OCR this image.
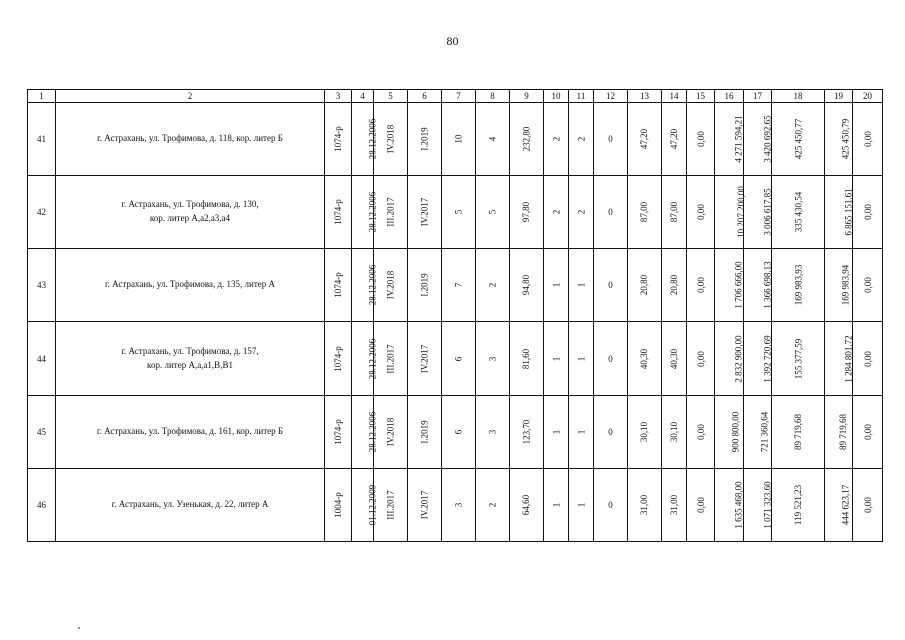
80
1	2	3	4	5	6	7	8	9	10	11	12	13	14	15	16	17	18	19	20
41	г. Астрахань, ул. Трофимова, д. 118, кор. литер Б	1074-р	28.12.2006	IV.2018	I.2019	10	4	232,80	2	2	0	47,20	47,20	0,00	4 271 594,21	3 420 692,65	425 450,77	425 450,79	0,00
42	г. Астрахань, ул. Трофимова, д. 130,
кор. литер А,а2,а3,а4	1074-р	28.12.2006	III.2017	IV.2017	5	5	97,80	2	2	0	87,00	87,00	0,00	10 207 200,00	3 006 617,85	335 430,54	6 865 151,61	0,00
43	г. Астрахань, ул. Трофимова, д. 135, литер А	1074-р	28.12.2006	IV.2018	I.2019	7	2	94,80	1	1	0	20,80	20,80	0,00	1 706 666,00	1 366 698,13	169 983,93	169 983,94	0,00
44	г. Астрахань, ул. Трофимова, д. 157,
кор. литер А,а,а1,В,В1	1074-р	28.12.2006	III.2017	IV.2017	6	3	81,60	1	1	0	40,30	40,30	0,00	2 832 900,00	1 392 720,69	155 377,59	1 284 801,72	0,00
45	г. Астрахань, ул. Трофимова, д. 161, кор. литер Б	1074-р	28.12.2006	IV.2018	I.2019	6	3	123,70	1	1	0	30,10	30,10	0,00	900 800,00	721 360,64	89 719,68	89 719,68	0,00
46	г. Астрахань, ул. Узенькая, д. 22, литер А	1004-р	01.12.2009	III.2017	IV.2017	3	2	64,60	1	1	0	31,00	31,00	0,00	1 635 468,00	1 071 323,60	119 521,23	444 623,17	0,00
